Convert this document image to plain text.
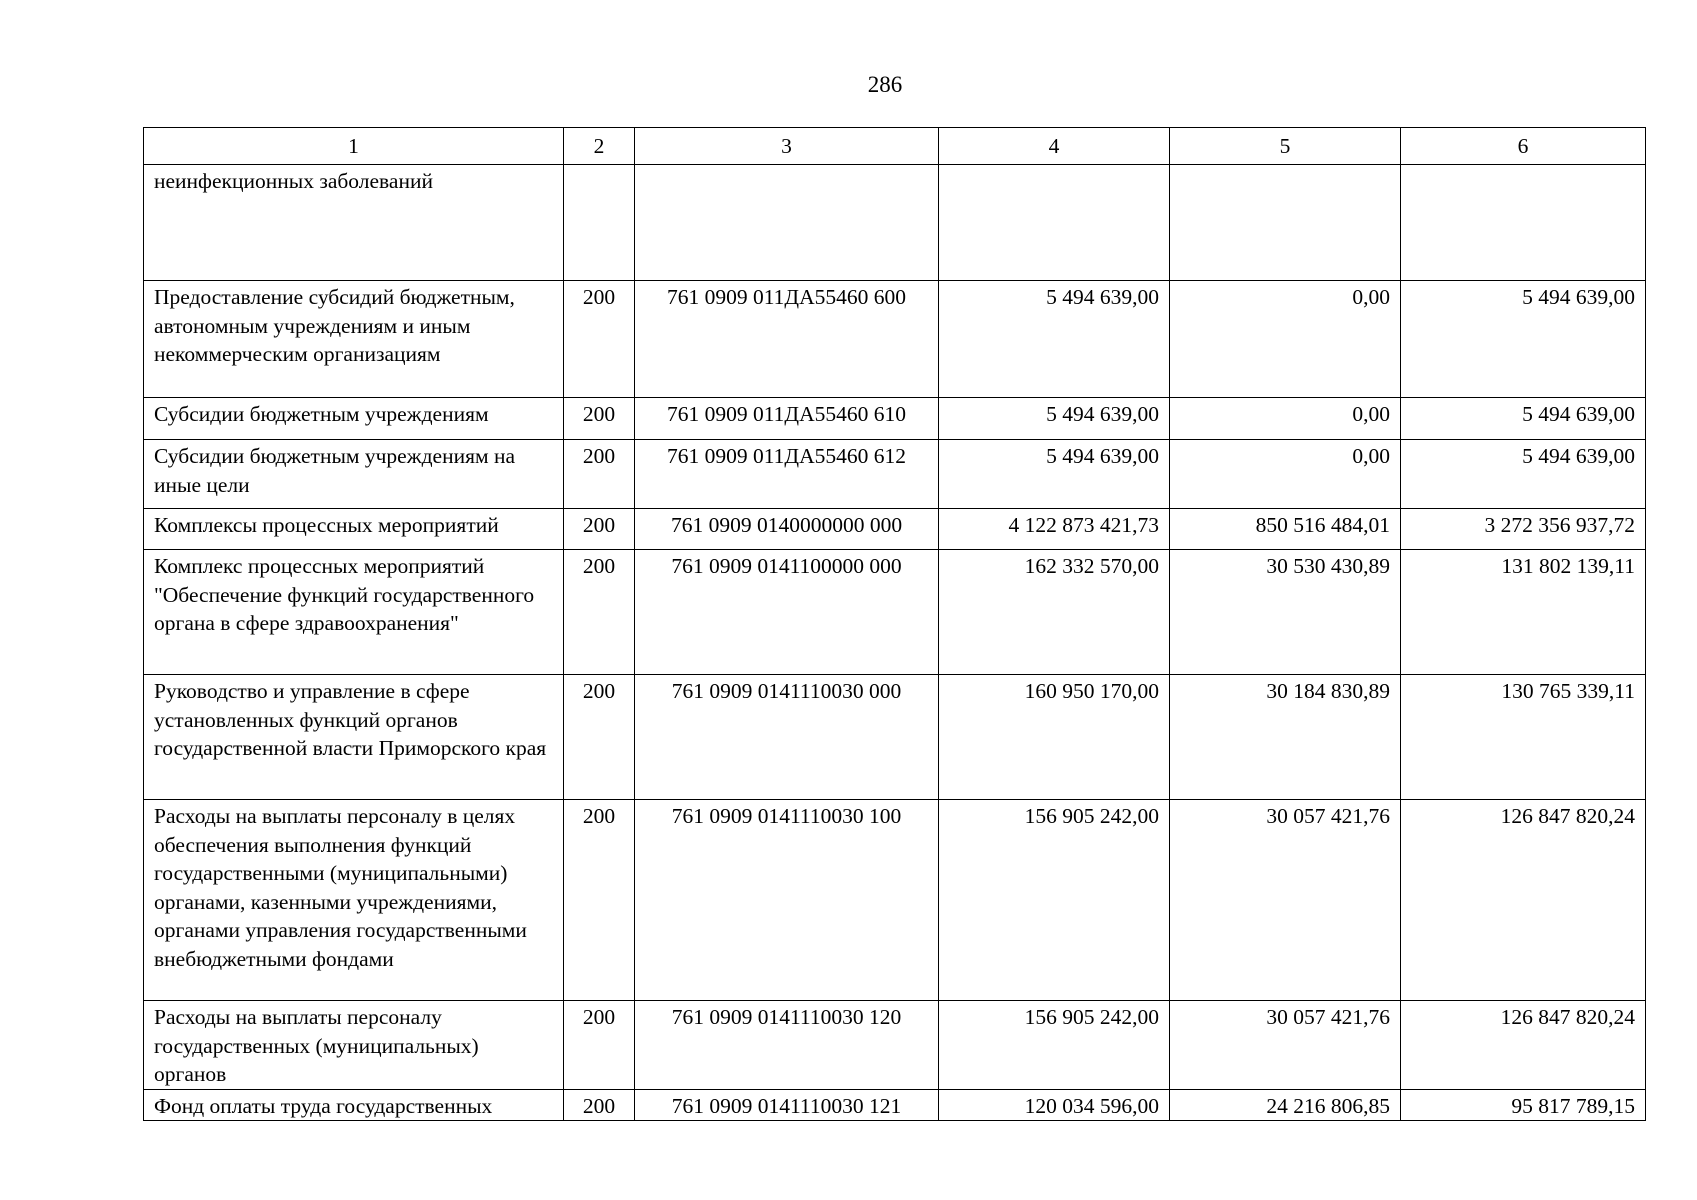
286
1	2	3	4	5	6

неинфекционных заболеваний					

Предоставление субсидий бюджетным, автономным учреждениям и иным некоммерческим организациям	200	761 0909 011ДА55460 600	5 494 639,00	0,00	5 494 639,00

Субсидии бюджетным учреждениям	200	761 0909 011ДА55460 610	5 494 639,00	0,00	5 494 639,00

Субсидии бюджетным учреждениям на иные цели	200	761 0909 011ДА55460 612	5 494 639,00	0,00	5 494 639,00

Комплексы процессных мероприятий	200	761 0909 0140000000 000	4 122 873 421,73	850 516 484,01	3 272 356 937,72

Комплекс процессных мероприятий "Обеспечение функций государственного органа в сфере здравоохранения"	200	761 0909 0141100000 000	162 332 570,00	30 530 430,89	131 802 139,11

Руководство и управление в сфере установленных функций органов государственной власти Приморского края	200	761 0909 0141110030 000	160 950 170,00	30 184 830,89	130 765 339,11

Расходы на выплаты персоналу в целях обеспечения выполнения функций государственными (муниципальными) органами, казенными учреждениями, органами управления государственными внебюджетными фондами	200	761 0909 0141110030 100	156 905 242,00	30 057 421,76	126 847 820,24

Расходы на выплаты персоналу государственных (муниципальных) органов	200	761 0909 0141110030 120	156 905 242,00	30 057 421,76	126 847 820,24

Фонд оплаты труда государственных	200	761 0909 0141110030 121	120 034 596,00	24 216 806,85	95 817 789,15
